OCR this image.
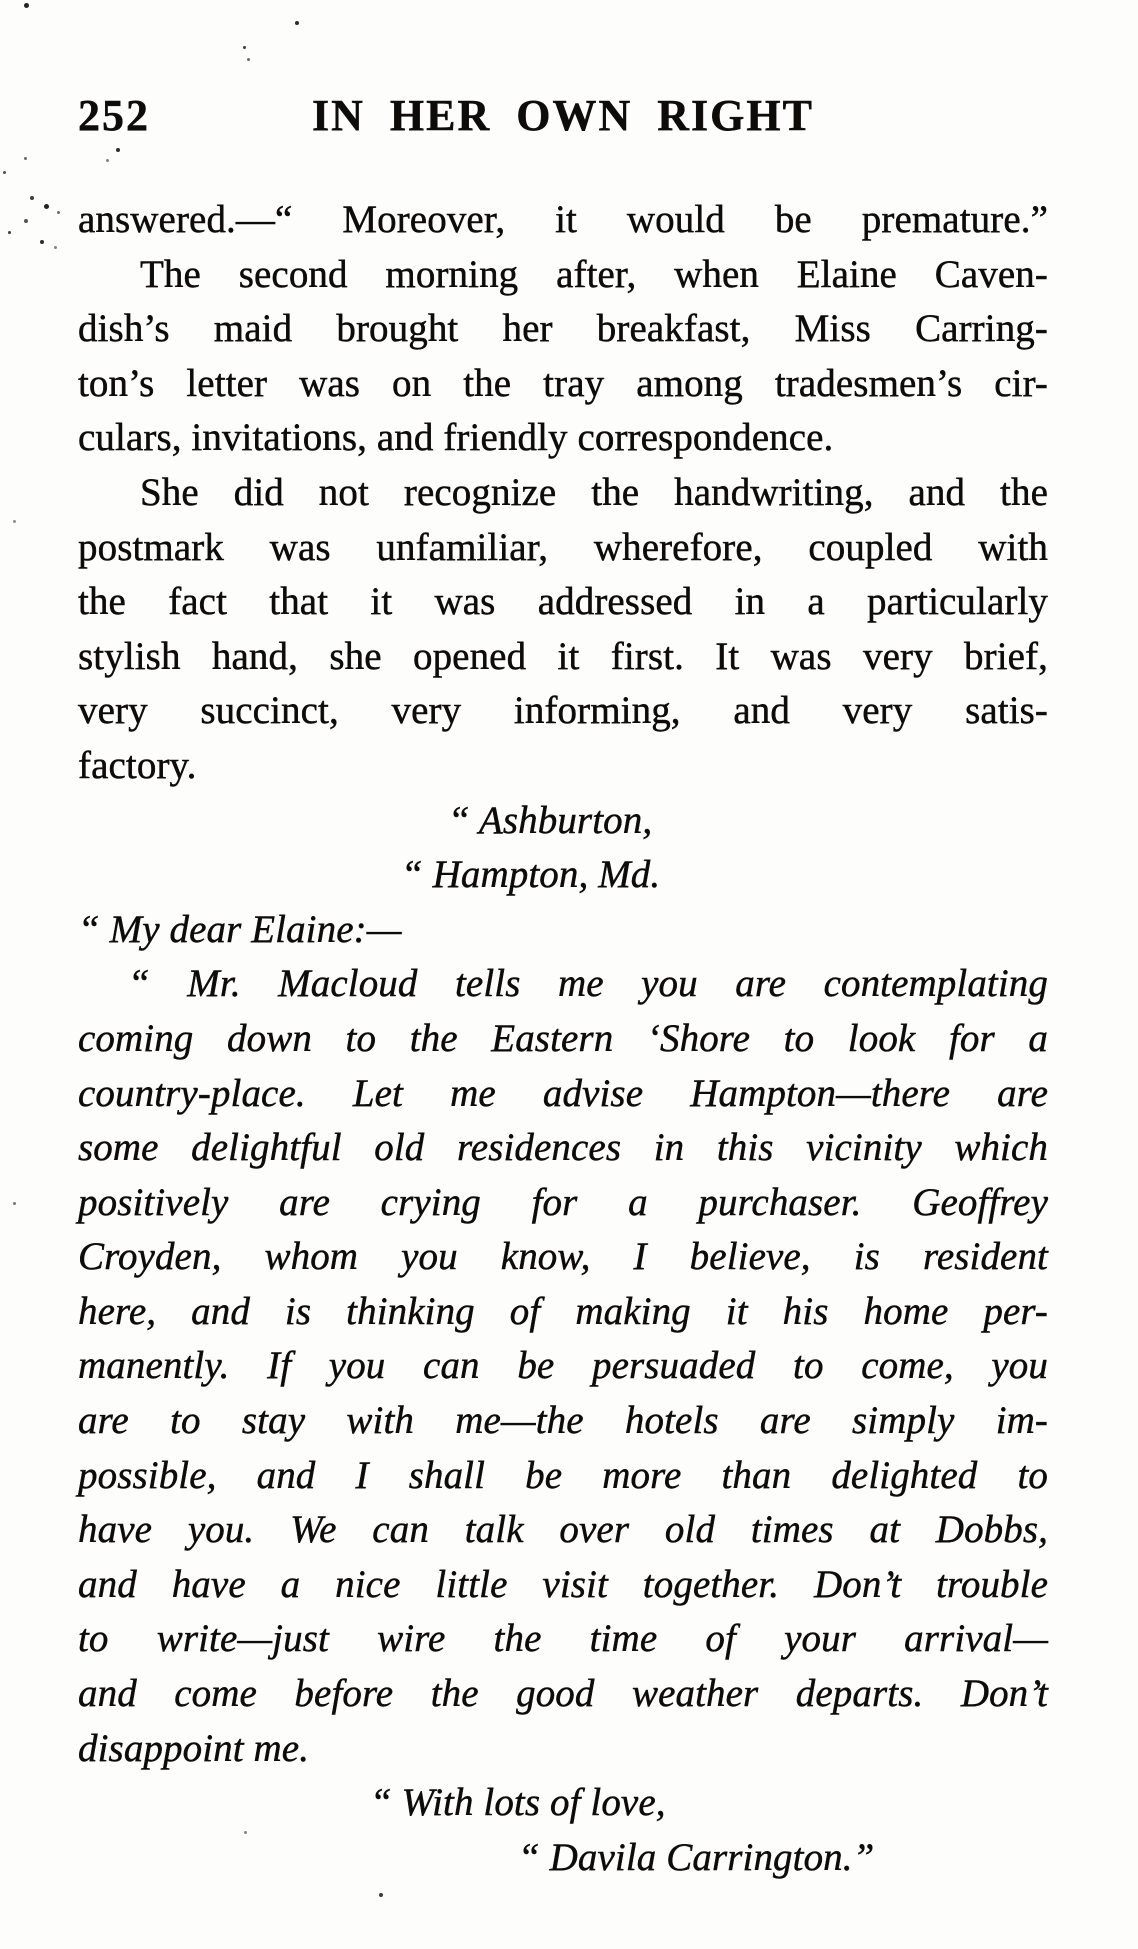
252	IN HER OWN RIGHT
answered.—“ Moreover, it would be premature.”
The second morning after, when Elaine Caven-
dish’s maid brought her breakfast, Miss Carring-
ton’s letter was on the tray among tradesmen’s cir-
culars, invitations, and friendly correspondence.
She did not recognize the handwriting, and the
postmark was unfamiliar, wherefore, coupled with
the fact that it was addressed in a particularly
stylish hand, she opened it first. It was very brief,
very succinct, very informing, and very satis-
factory.
“ Ashburton,
“ Hampton, Md.
“ My dear Elaine:—
“ Mr. Macloud tells me you are contemplating
coming down to the Eastern ‘Shore to look for a
country-place. Let me advise Hampton—there are
some delightful old residences in this vicinity which
positively are crying for a purchaser. Geoffrey
Croyden, whom you know, I believe, is resident
here, and is thinking of making it his home per-
manently. If you can be persuaded to come, you
are to stay with me—the hotels are simply im-
possible, and I shall be more than delighted to
have you. We can talk over old times at Dobbs,
and have a nice little visit together. Don’t trouble
to write—just wire the time of your arrival—
and come before the good weather departs. Don’t
disappoint me.
“ With lots of love,
“ Davila Carrington.”
